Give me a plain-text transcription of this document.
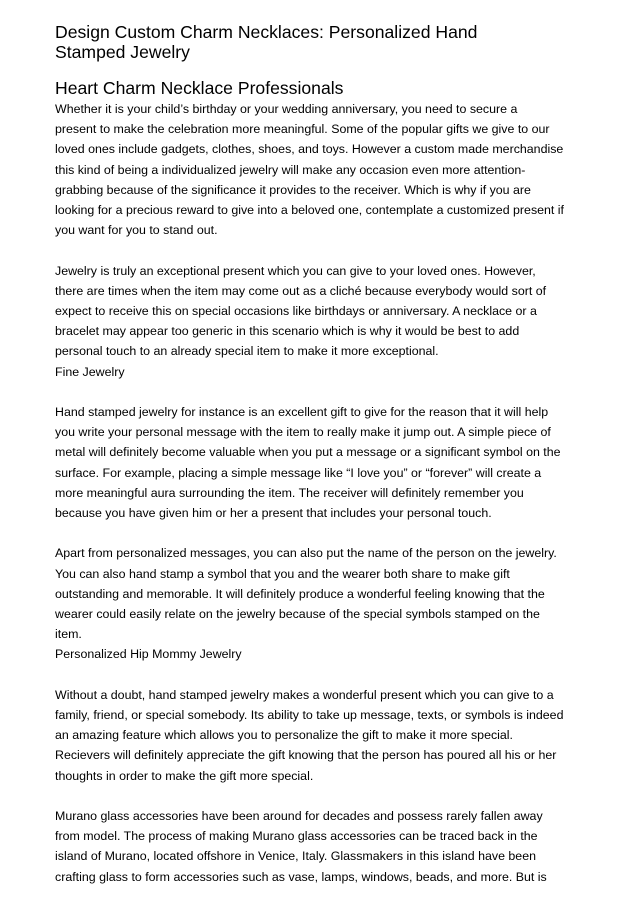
Design Custom Charm Necklaces: Personalized Hand
Stamped Jewelry
Heart Charm Necklace Professionals

Whether it is your child’s birthday or your wedding anniversary, you need to secure a
present to make the celebration more meaningful. Some of the popular gifts we give to our
loved ones include gadgets, clothes, shoes, and toys. However a custom made merchandise
this kind of being a individualized jewelry will make any occasion even more attention-
grabbing because of the significance it provides to the receiver. Which is why if you are
looking for a precious reward to give into a beloved one, contemplate a customized present if
you want for you to stand out.

Jewelry is truly an exceptional present which you can give to your loved ones. However,
there are times when the item may come out as a cliché because everybody would sort of
expect to receive this on special occasions like birthdays or anniversary. A necklace or a
bracelet may appear too generic in this scenario which is why it would be best to add
personal touch to an already special item to make it more exceptional.

Fine Jewelry

Hand stamped jewelry for instance is an excellent gift to give for the reason that it will help
you write your personal message with the item to really make it jump out. A simple piece of
metal will definitely become valuable when you put a message or a significant symbol on the
surface. For example, placing a simple message like “I love you” or “forever” will create a
more meaningful aura surrounding the item. The receiver will definitely remember you
because you have given him or her a present that includes your personal touch.

Apart from personalized messages, you can also put the name of the person on the jewelry.
You can also hand stamp a symbol that you and the wearer both share to make gift
outstanding and memorable. It will definitely produce a wonderful feeling knowing that the
wearer could easily relate on the jewelry because of the special symbols stamped on the
item.

Personalized Hip Mommy Jewelry

Without a doubt, hand stamped jewelry makes a wonderful present which you can give to a
family, friend, or special somebody. Its ability to take up message, texts, or symbols is indeed
an amazing feature which allows you to personalize the gift to make it more special.
Recievers will definitely appreciate the gift knowing that the person has poured all his or her
thoughts in order to make the gift more special.

Murano glass accessories have been around for decades and possess rarely fallen away
from model. The process of making Murano glass accessories can be traced back in the
island of Murano, located offshore in Venice, Italy. Glassmakers in this island have been
crafting glass to form accessories such as vase, lamps, windows, beads, and more. But is
